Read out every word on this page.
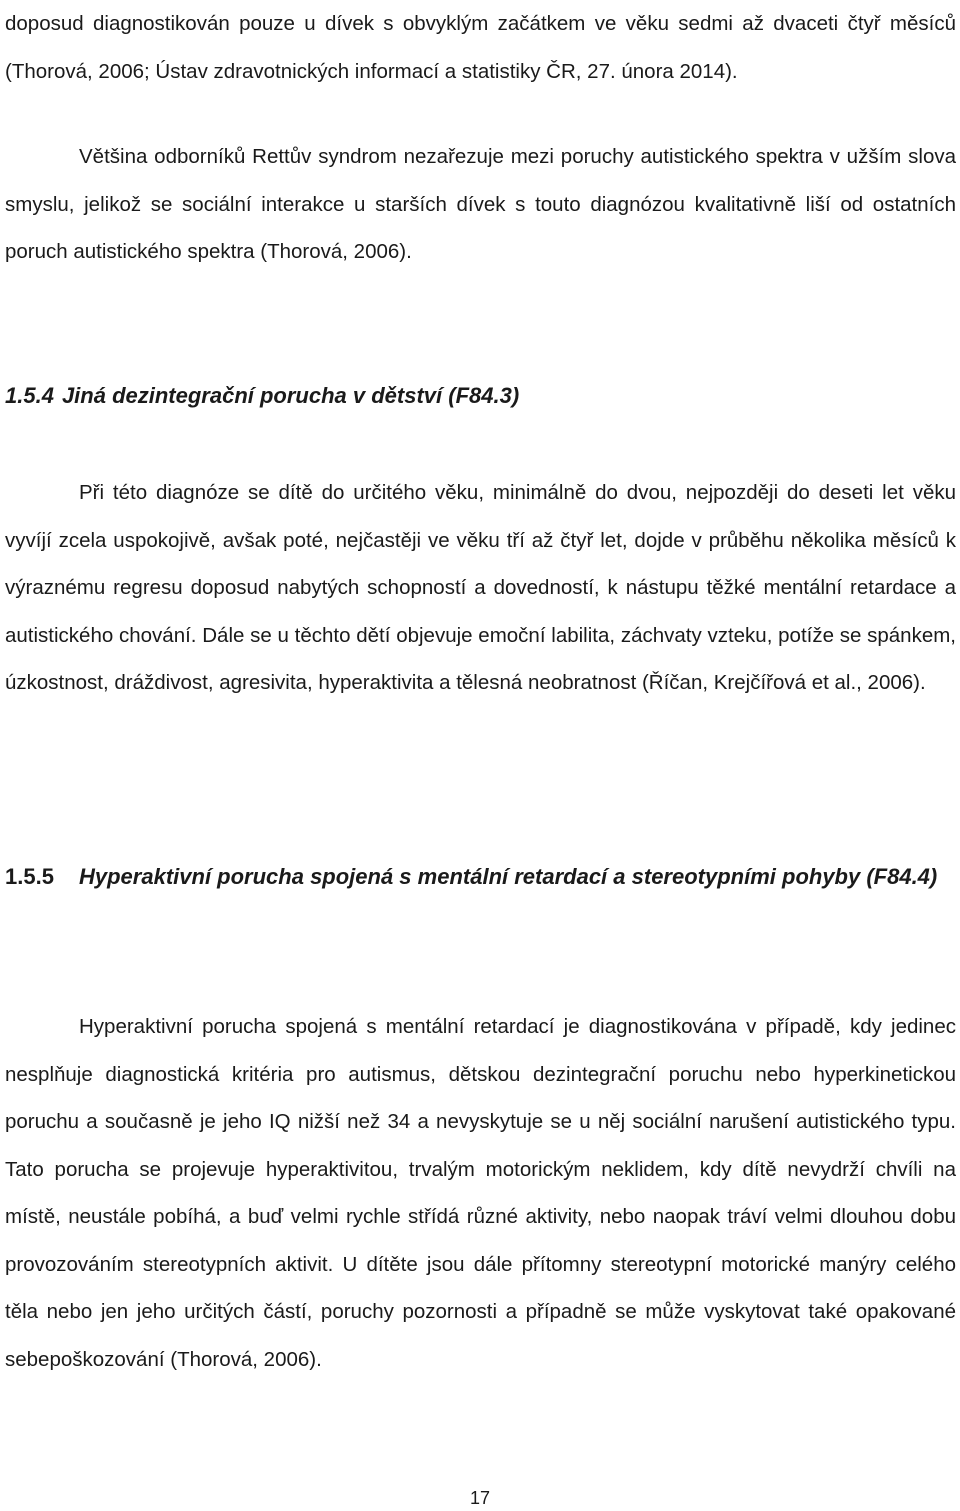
doposud diagnostikován pouze u dívek s obvyklým začátkem ve věku sedmi až dvaceti čtyř měsíců (Thorová, 2006; Ústav zdravotnických informací a statistiky ČR, 27. února 2014).

Většina odborníků Rettův syndrom nezařezuje mezi poruchy autistického spektra v užším slova smyslu, jelikož se sociální interakce u starších dívek s touto diagnózou kvalitativně liší od ostatních poruch autistického spektra (Thorová, 2006).

1.5.4 Jiná dezintegrační porucha v dětství (F84.3)

Při této diagnóze se dítě do určitého věku, minimálně do dvou, nejpozději do deseti let věku vyvíjí zcela uspokojivě, avšak poté, nejčastěji ve věku tří až čtyř let, dojde v průběhu několika měsíců k výraznému regresu doposud nabytých schopností a dovedností, k nástupu těžké mentální retardace a autistického chování. Dále se u těchto dětí objevuje emoční labilita, záchvaty vzteku, potíže se spánkem, úzkostnost, dráždivost, agresivita, hyperaktivita a tělesná neobratnost (Říčan, Krejčířová et al., 2006).

1.5.5 Hyperaktivní porucha spojená s mentální retardací a stereotypními pohyby (F84.4)

Hyperaktivní porucha spojená s mentální retardací je diagnostikována v případě, kdy jedinec nesplňuje diagnostická kritéria pro autismus, dětskou dezintegrační poruchu nebo hyperkinetickou poruchu a současně je jeho IQ nižší než 34 a nevyskytuje se u něj sociální narušení autistického typu. Tato porucha se projevuje hyperaktivitou, trvalým motorickým neklidem, kdy dítě nevydrží chvíli na místě, neustále pobíhá, a buď velmi rychle střídá různé aktivity, nebo naopak tráví velmi dlouhou dobu provozováním stereotypních aktivit. U dítěte jsou dále přítomny stereotypní motorické manýry celého těla nebo jen jeho určitých částí, poruchy pozornosti a případně se může vyskytovat také opakované sebepoškozování (Thorová, 2006).

17
